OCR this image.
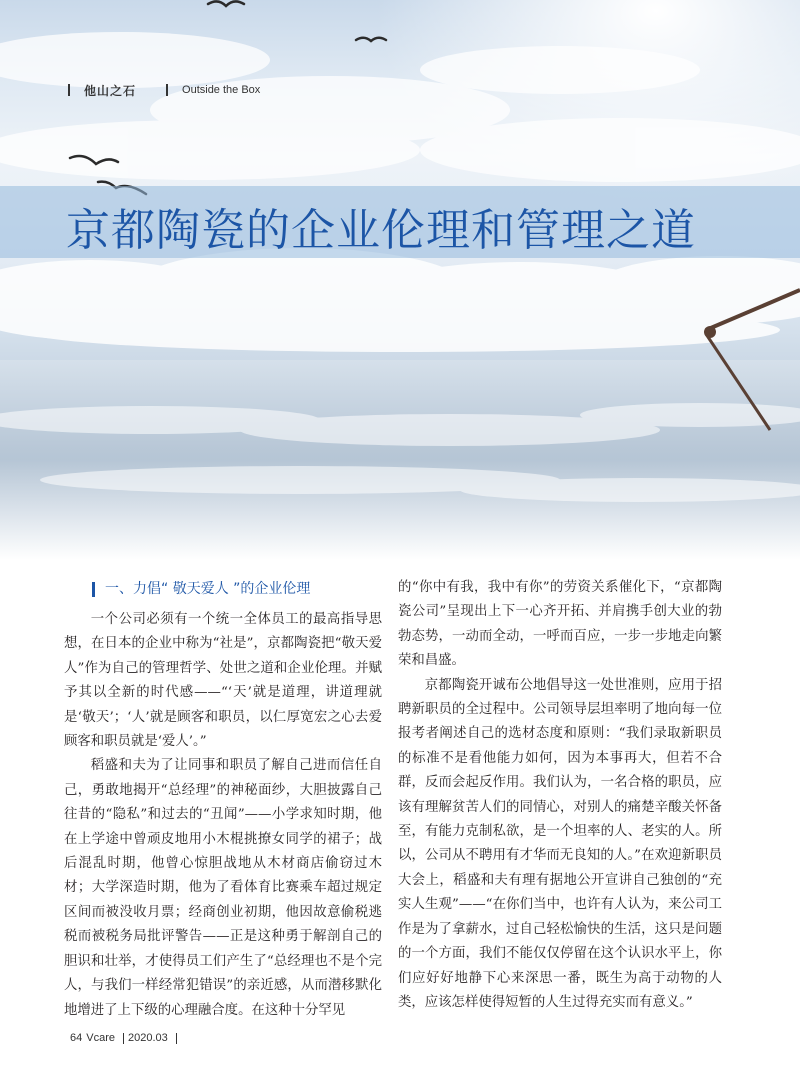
他山之石	Outside the Box
京都陶瓷的企业伦理和管理之道
一、力倡“ 敬天爱人 ”的企业伦理

一个公司必须有一个统一全体员工的最高指导思想，在日本的企业中称为“社是”，京都陶瓷把“敬天爱人”作为自己的管理哲学、处世之道和企业伦理。并赋予其以全新的时代感——“‘天’就是道理，讲道理就是‘敬天’；‘人’就是顾客和职员，以仁厚宽宏之心去爱顾客和职员就是‘爱人’。”

稻盛和夫为了让同事和职员了解自己进而信任自己，勇敢地揭开“总经理”的神秘面纱，大胆披露自己往昔的“隐私”和过去的“丑闻”——小学求知时期，他在上学途中曾顽皮地用小木棍挑撩女同学的裙子；战后混乱时期，他曾心惊胆战地从木材商店偷窃过木材；大学深造时期，他为了看体育比赛乘车超过规定区间而被没收月票；经商创业初期，他因故意偷税逃税而被税务局批评警告——正是这种勇于解剖自己的胆识和壮举，才使得员工们产生了“总经理也不是个完人，与我们一样经常犯错误”的亲近感，从而潜移默化地增进了上下级的心理融合度。在这种十分罕见

的“你中有我，我中有你”的劳资关系催化下，“京都陶瓷公司”呈现出上下一心齐开拓、并肩携手创大业的勃勃态势，一动而全动，一呼而百应，一步一步地走向繁荣和昌盛。

京都陶瓷开诚布公地倡导这一处世准则，应用于招聘新职员的全过程中。公司领导层坦率明了地向每一位报考者阐述自己的选材态度和原则：“我们录取新职员的标准不是看他能力如何，因为本事再大，但若不合群，反而会起反作用。我们认为，一名合格的职员，应该有理解贫苦人们的同情心，对别人的痛楚辛酸关怀备至，有能力克制私欲，是一个坦率的人、老实的人。所以，公司从不聘用有才华而无良知的人。”在欢迎新职员大会上，稻盛和夫有理有据地公开宣讲自己独创的“充实人生观”——“在你们当中，也许有人认为，来公司工作是为了拿薪水，过自己轻松愉快的生活，这只是问题的一个方面，我们不能仅仅停留在这个认识水平上，你们应好好地静下心来深思一番，既生为高于动物的人类，应该怎样使得短暂的人生过得充实而有意义。”

64 Vcare 2020.03
